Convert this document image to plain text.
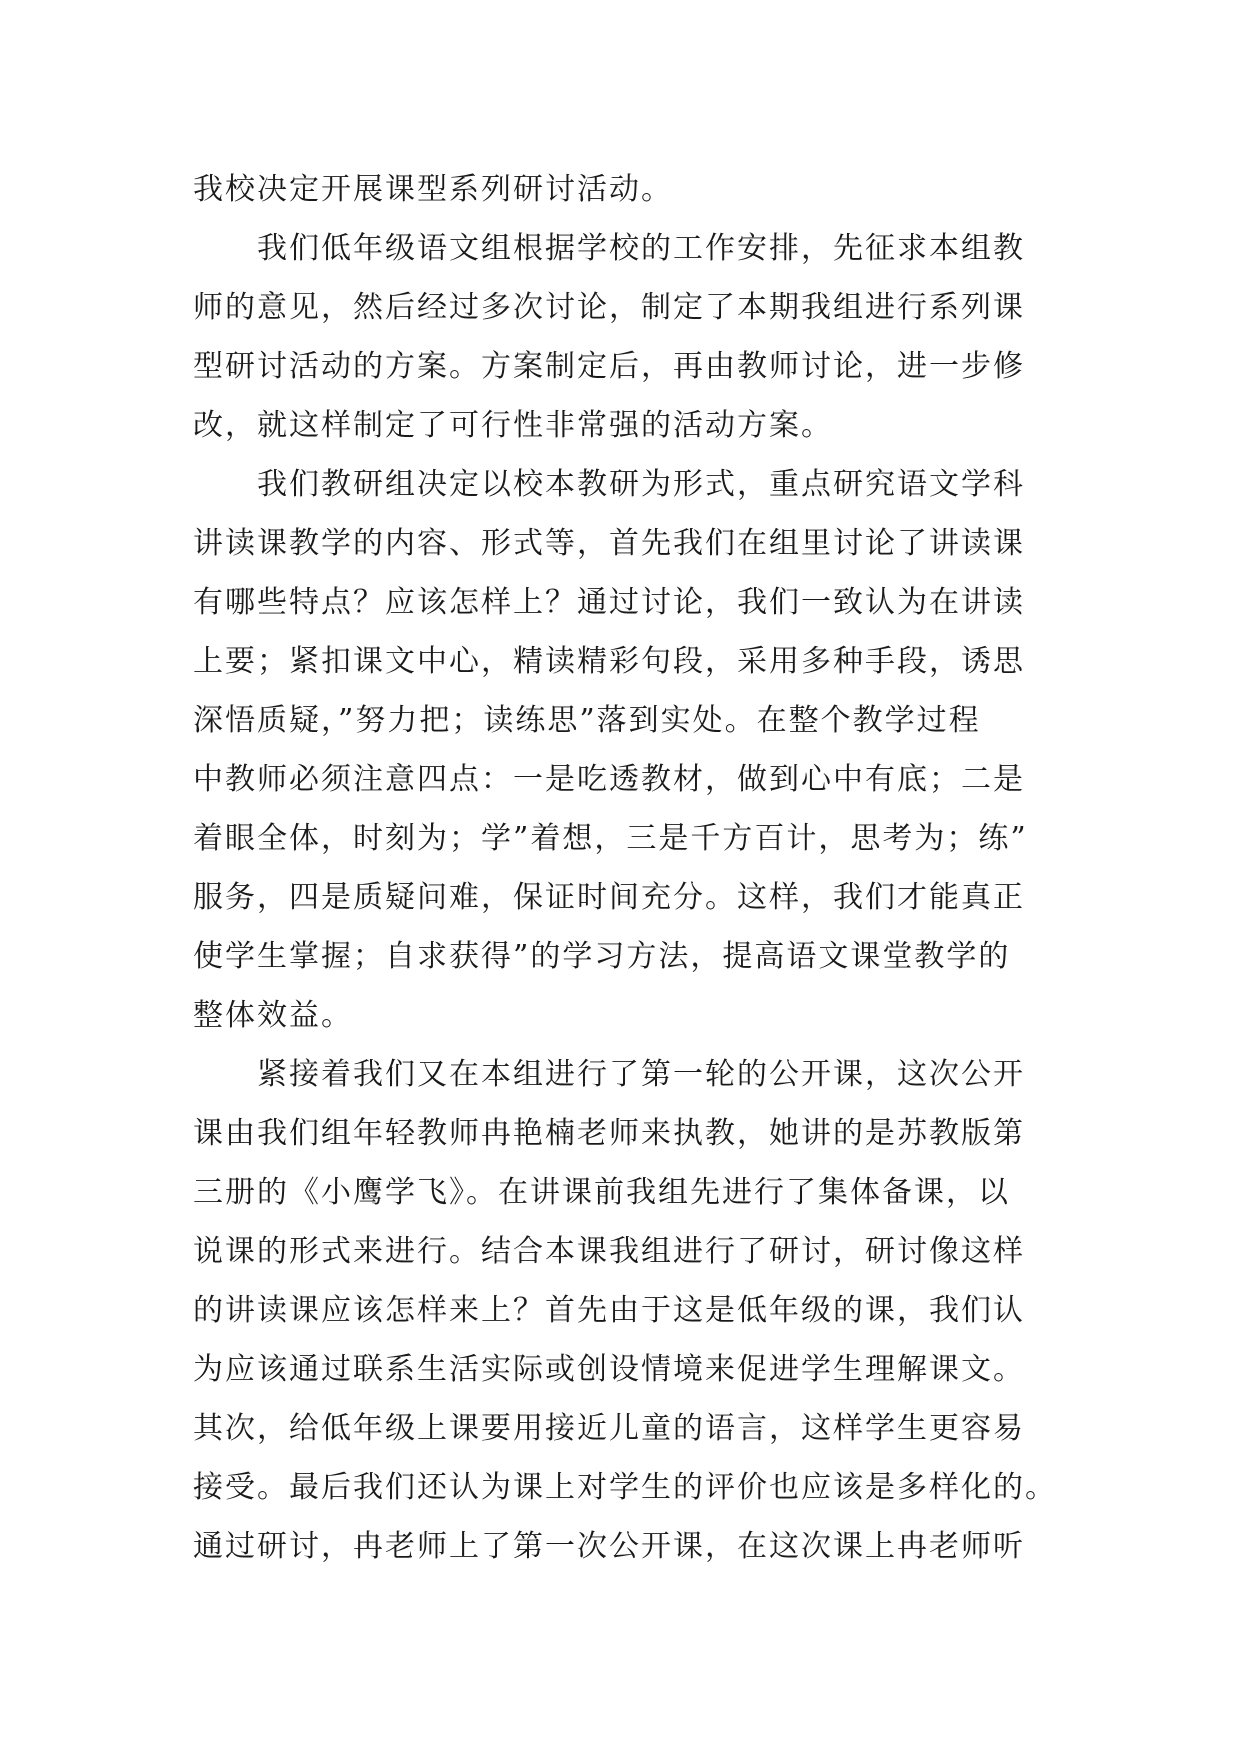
我校决定开展课型系列研讨活动。
我们低年级语文组根据学校的工作安排，先征求本组教
师的意见，然后经过多次讨论，制定了本期我组进行系列课
型研讨活动的方案。方案制定后，再由教师讨论，进一步修
改，就这样制定了可行性非常强的活动方案。
我们教研组决定以校本教研为形式，重点研究语文学科
讲读课教学的内容、形式等，首先我们在组里讨论了讲读课
有哪些特点？应该怎样上？通过讨论，我们一致认为在讲读
上要；紧扣课文中心，精读精彩句段，采用多种手段，诱思
深悟质疑，”努力把；读练思”落到实处。在整个教学过程
中教师必须注意四点：一是吃透教材，做到心中有底；二是
着眼全体，时刻为；学”着想，三是千方百计，思考为；练”
服务，四是质疑问难，保证时间充分。这样，我们才能真正
使学生掌握；自求获得”的学习方法，提高语文课堂教学的
整体效益。
紧接着我们又在本组进行了第一轮的公开课，这次公开
课由我们组年轻教师冉艳楠老师来执教，她讲的是苏教版第
三册的《小鹰学飞》。在讲课前我组先进行了集体备课，以
说课的形式来进行。结合本课我组进行了研讨，研讨像这样
的讲读课应该怎样来上？首先由于这是低年级的课，我们认
为应该通过联系生活实际或创设情境来促进学生理解课文。
其次，给低年级上课要用接近儿童的语言，这样学生更容易
接受。最后我们还认为课上对学生的评价也应该是多样化的。
通过研讨，冉老师上了第一次公开课，在这次课上冉老师听
